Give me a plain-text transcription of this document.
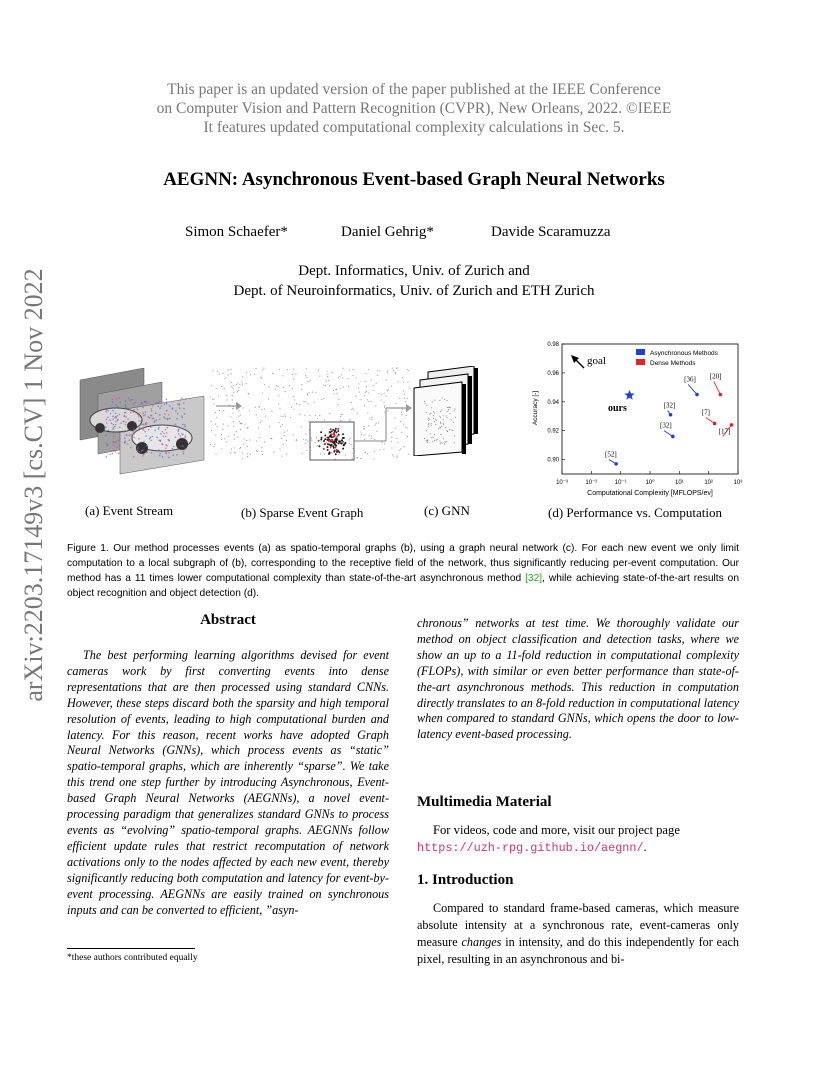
This paper is an updated version of the paper published at the IEEE Conference
on Computer Vision and Pattern Recognition (CVPR), New Orleans, 2022. ©IEEE
It features updated computational complexity calculations in Sec. 5.
AEGNN: Asynchronous Event-based Graph Neural Networks
Simon Schaefer*	Daniel Gehrig*	Davide Scaramuzza
Dept. Informatics, Univ. of Zurich and
Dept. of Neuroinformatics, Univ. of Zurich and ETH Zurich
arXiv:2203.17149v3 [cs.CV] 1 Nov 2022	0.98
0.96
0.94
0.92
0.90
10⁻³	10⁻²	10⁻¹	10⁰	10¹	10²	10³
Accuracy [-]
Computational Complexity [MFLOPS/ev]
goal
Asynchronous Methods
Dense Methods
[52]
[32]
[32]
[36] [20]
[7]
[17]
ours
(a) Event Stream	(b) Sparse Event Graph	(c) GNN	(d) Performance vs. Computation
Figure 1. Our method processes events (a) as spatio-temporal graphs (b), using a graph neural network (c). For each new event we only limit computation to a local subgraph of (b), corresponding to the receptive field of the network, thus significantly reducing per-event computation. Our method has a 11 times lower computational complexity than state-of-the-art asynchronous method [32], while achieving state-of-the-art results on object recognition and object detection (d).
Abstract
The best performing learning algorithms devised for event cameras work by first converting events into dense representations that are then processed using standard CNNs. However, these steps discard both the sparsity and high temporal resolution of events, leading to high computational burden and latency. For this reason, recent works have adopted Graph Neural Networks (GNNs), which process events as “static” spatio-temporal graphs, which are inherently “sparse”. We take this trend one step further by introducing Asynchronous, Event-based Graph Neural Networks (AEGNNs), a novel event-processing paradigm that generalizes standard GNNs to process events as “evolving” spatio-temporal graphs. AEGNNs follow efficient update rules that restrict recomputation of network activations only to the nodes affected by each new event, thereby significantly reducing both computation and latency for event-by-event processing. AEGNNs are easily trained on synchronous inputs and can be converted to efficient, ”asyn-
chronous” networks at test time. We thoroughly validate our method on object classification and detection tasks, where we show an up to a 11-fold reduction in computational complexity (FLOPs), with similar or even better performance than state-of-the-art asynchronous methods. This reduction in computation directly translates to an 8-fold reduction in computational latency when compared to standard GNNs, which opens the door to low-latency event-based processing.
Multimedia Material
For videos, code and more, visit our project page https://uzh-rpg.github.io/aegnn/.
1. Introduction
Compared to standard frame-based cameras, which measure absolute intensity at a synchronous rate, event-cameras only measure changes in intensity, and do this independently for each pixel, resulting in an asynchronous and bi-
*these authors contributed equally
